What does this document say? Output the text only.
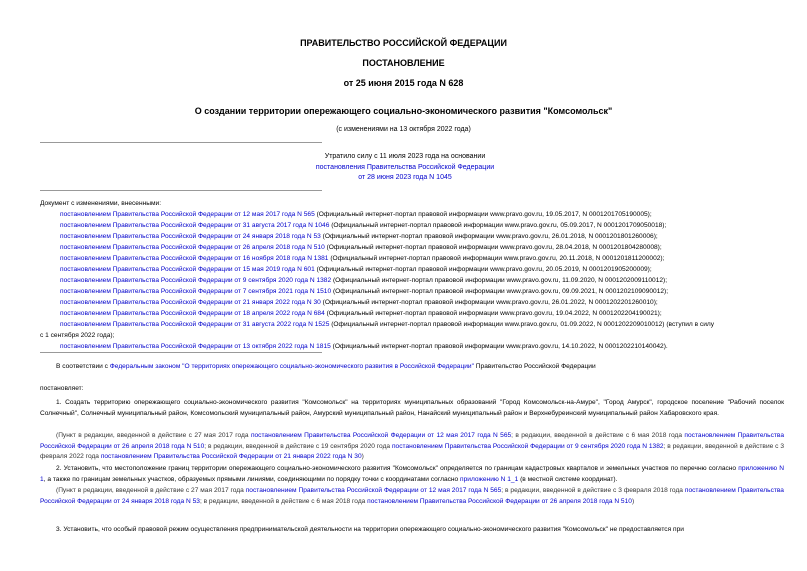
ПРАВИТЕЛЬСТВО РОССИЙСКОЙ ФЕДЕРАЦИИ
ПОСТАНОВЛЕНИЕ
от 25 июня 2015 года N 628
О создании территории опережающего социально-экономического развития "Комсомольск"
(с изменениями на 13 октября 2022 года)
Утратило силу с 11 июля 2023 года на основании
постановления Правительства Российской Федерации
от 28 июня 2023 года N 1045
Документ с изменениями, внесенными:
постановлением Правительства Российской Федерации от 12 мая 2017 года N 565 (Официальный интернет-портал правовой информации www.pravo.gov.ru, 19.05.2017, N 0001201705190005);
постановлением Правительства Российской Федерации от 31 августа 2017 года N 1046 (Официальный интернет-портал правовой информации www.pravo.gov.ru, 05.09.2017, N 0001201709050018);
постановлением Правительства Российской Федерации от 24 января 2018 года N 53 (Официальный интернет-портал правовой информации www.pravo.gov.ru, 26.01.2018, N 0001201801260006);
постановлением Правительства Российской Федерации от 26 апреля 2018 года N 510 (Официальный интернет-портал правовой информации www.pravo.gov.ru, 28.04.2018, N 0001201804280008);
постановлением Правительства Российской Федерации от 16 ноября 2018 года N 1381 (Официальный интернет-портал правовой информации www.pravo.gov.ru, 20.11.2018, N 0001201811200002);
постановлением Правительства Российской Федерации от 15 мая 2019 года N 601 (Официальный интернет-портал правовой информации www.pravo.gov.ru, 20.05.2019, N 0001201905200009);
постановлением Правительства Российской Федерации от 9 сентября 2020 года N 1382 (Официальный интернет-портал правовой информации www.pravo.gov.ru, 11.09.2020, N 0001202009110012);
постановлением Правительства Российской Федерации от 7 сентября 2021 года N 1510 (Официальный интернет-портал правовой информации www.pravo.gov.ru, 09.09.2021, N 0001202109090012);
постановлением Правительства Российской Федерации от 21 января 2022 года N 30 (Официальный интернет-портал правовой информации www.pravo.gov.ru, 26.01.2022, N 0001202201260010);
постановлением Правительства Российской Федерации от 18 апреля 2022 года N 684 (Официальный интернет-портал правовой информации www.pravo.gov.ru, 19.04.2022, N 0001202204190021);
постановлением Правительства Российской Федерации от 31 августа 2022 года N 1525 (Официальный интернет-портал правовой информации www.pravo.gov.ru, 01.09.2022, N 0001202209010012) (вступил в силу
с 1 сентября 2022 года);
постановлением Правительства Российской Федерации от 13 октября 2022 года N 1815 (Официальный интернет-портал правовой информации www.pravo.gov.ru, 14.10.2022, N 0001202210140042).
В соответствии с Федеральным законом "О территориях опережающего социально-экономического развития в Российской Федерации" Правительство Российской Федерации
постановляет:
1. Создать территорию опережающего социально-экономического развития "Комсомольск" на территориях муниципальных образований "Город Комсомольск-на-Амуре", "Город Амурск", городское поселение "Рабочий поселок Солнечный", Солнечный муниципальный район, Комсомольский муниципальный район, Амурский муниципальный район, Нанайский муниципальный район и Верхнебуреинский муниципальный район Хабаровского края.
(Пункт в редакции, введенной в действие с 27 мая 2017 года постановлением Правительства Российской Федерации от 12 мая 2017 года N 565; в редакции, введенной в действие с 6 мая 2018 года постановлением Правительства Российской Федерации от 26 апреля 2018 года N 510; в редакции, введенной в действие с 19 сентября 2020 года постановлением Правительства Российской Федерации от 9 сентября 2020 года N 1382; в редакции, введенной в действие с 3 февраля 2022 года постановлением Правительства Российской Федерации от 21 января 2022 года N 30)
2. Установить, что местоположение границ территории опережающего социально-экономического развития "Комсомольск" определяется по границам кадастровых кварталов и земельных участков по перечню согласно приложению N 1, а также по границам земельных участков, образуемых прямыми линиями, соединяющими по порядку точки с координатами согласно приложению N 1_1 (в местной системе координат).
(Пункт в редакции, введенной в действие с 27 мая 2017 года постановлением Правительства Российской Федерации от 12 мая 2017 года N 565; в редакции, введенной в действие с 3 февраля 2018 года постановлением Правительства Российской Федерации от 24 января 2018 года N 53; в редакции, введенной в действие с 6 мая 2018 года постановлением Правительства Российской Федерации от 26 апреля 2018 года N 510)
3. Установить, что особый правовой режим осуществления предпринимательской деятельности на территории опережающего социально-экономического развития "Комсомольск" не предоставляется при
